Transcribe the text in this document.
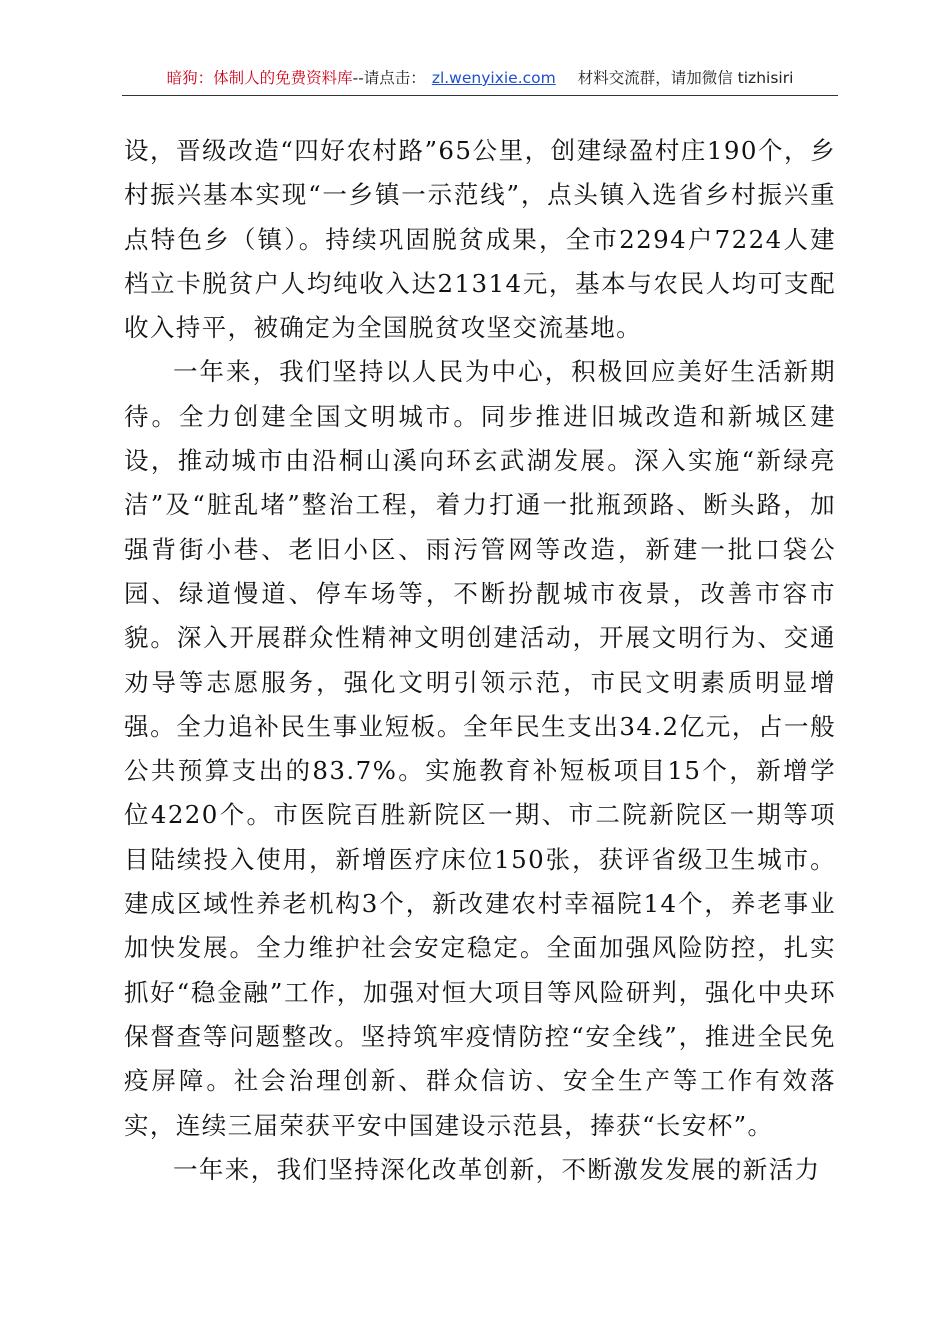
暗狗：体制人的免费资料库--请点击： zl.wenyixie.com 材料交流群，请加微信 tizhisiri

设，晋级改造“四好农村路”65公里，创建绿盈村庄190个，乡村振兴基本实现“一乡镇一示范线”，点头镇入选省乡村振兴重点特色乡（镇）。持续巩固脱贫成果，全市2294户7224人建档立卡脱贫户人均纯收入达21314元，基本与农民人均可支配收入持平，被确定为全国脱贫攻坚交流基地。

一年来，我们坚持以人民为中心，积极回应美好生活新期待。全力创建全国文明城市。同步推进旧城改造和新城区建设，推动城市由沿桐山溪向环玄武湖发展。深入实施“新绿亮洁”及“脏乱堵”整治工程，着力打通一批瓶颈路、断头路，加强背街小巷、老旧小区、雨污管网等改造，新建一批口袋公园、绿道慢道、停车场等，不断扮靓城市夜景，改善市容市貌。深入开展群众性精神文明创建活动，开展文明行为、交通劝导等志愿服务，强化文明引领示范，市民文明素质明显增强。全力追补民生事业短板。全年民生支出34.2亿元，占一般公共预算支出的83.7%。实施教育补短板项目15个，新增学位4220个。市医院百胜新院区一期、市二院新院区一期等项目陆续投入使用，新增医疗床位150张，获评省级卫生城市。建成区域性养老机构3个，新改建农村幸福院14个，养老事业加快发展。全力维护社会安定稳定。全面加强风险防控，扎实抓好“稳金融”工作，加强对恒大项目等风险研判，强化中央环保督查等问题整改。坚持筑牢疫情防控“安全线”，推进全民免疫屏障。社会治理创新、群众信访、安全生产等工作有效落实，连续三届荣获平安中国建设示范县，捧获“长安杯”。

一年来，我们坚持深化改革创新，不断激发发展的新活力
